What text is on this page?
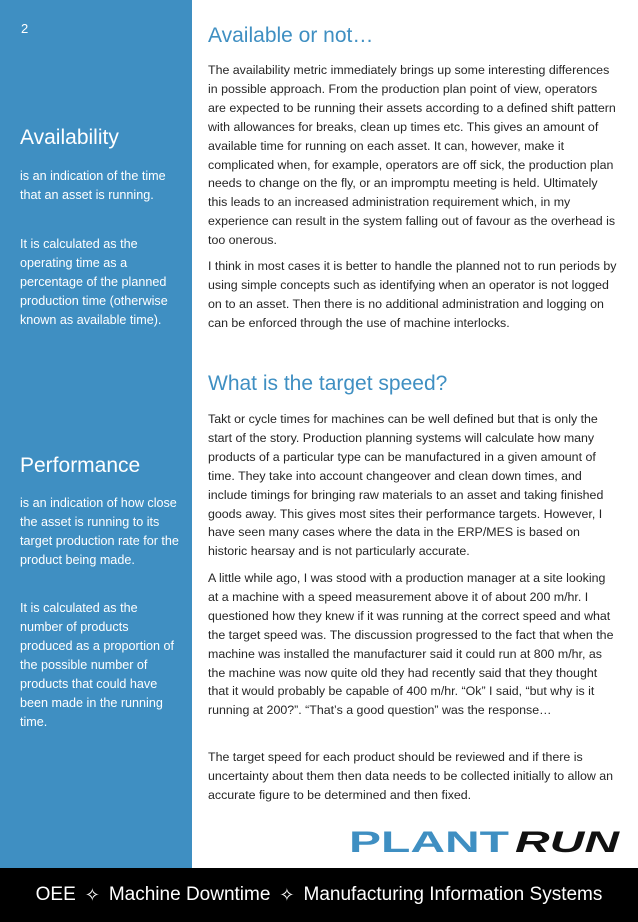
2
Availability

is an indication of the time that an asset is running.

It is calculated as the operating time as a percentage of the planned production time (otherwise known as available time).

Performance

is an indication of how close the asset is running to its target production rate for the product being made.

It is calculated as the number of products produced as a proportion of the possible number of products that could have been made in the running time.

Available or not…

The availability metric immediately brings up some interesting differences in possible approach. From the production plan point of view, operators are expected to be running their assets according to a defined shift pattern with allowances for breaks, clean up times etc. This gives an amount of available time for running on each asset. It can, however, make it complicated when, for example, operators are off sick, the production plan needs to change on the fly, or an impromptu meeting is held. Ultimately this leads to an increased administration requirement which, in my experience can result in the system falling out of favour as the overhead is too onerous.

I think in most cases it is better to handle the planned not to run periods by using simple concepts such as identifying when an operator is not logged on to an asset. Then there is no additional administration and logging on can be enforced through the use of machine interlocks.

What is the target speed?

Takt or cycle times for machines can be well defined but that is only the start of the story. Production planning systems will calculate how many products of a particular type can be manufactured in a given amount of time. They take into account changeover and clean down times, and include timings for bringing raw materials to an asset and taking finished goods away. This gives most sites their performance targets. However, I have seen many cases where the data in the ERP/MES is based on historic hearsay and is not particularly accurate.

A little while ago, I was stood with a production manager at a site looking at a machine with a speed measurement above it of about 200 m/hr. I questioned how they knew if it was running at the correct speed and what the target speed was. The discussion progressed to the fact that when the machine was installed the manufacturer said it could run at 800 m/hr, as the machine was now quite old they had recently said that they thought that it would probably be capable of 400 m/hr. “Ok” I said, “but why is it running at 200?”. “That’s a good question” was the response…

The target speed for each product should be reviewed and if there is uncertainty about them then data needs to be collected initially to allow an accurate figure to be determined and then fixed.

PLANT RUN
OEE ✧ Machine Downtime ✧ Manufacturing Information Systems
